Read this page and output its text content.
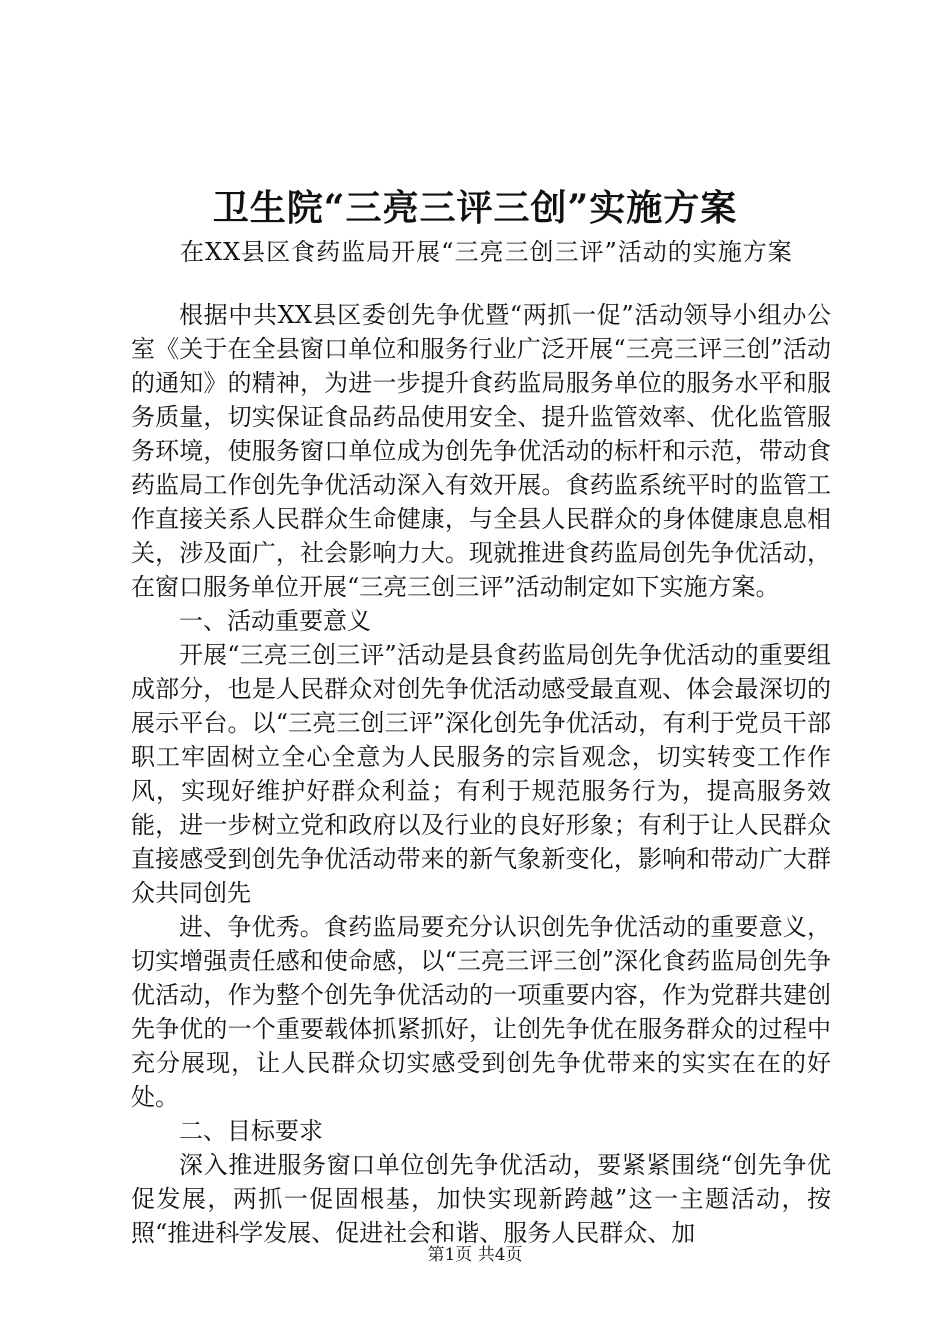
卫生院“三亮三评三创”实施方案
在XX县区食药监局开展“三亮三创三评”活动的实施方案

根据中共XX县区委创先争优暨“两抓一促”活动领导小组办公室《关于在全县窗口单位和服务行业广泛开展“三亮三评三创”活动的通知》的精神，为进一步提升食药监局服务单位的服务水平和服务质量，切实保证食品药品使用安全、提升监管效率、优化监管服务环境，使服务窗口单位成为创先争优活动的标杆和示范，带动食药监局工作创先争优活动深入有效开展。食药监系统平时的监管工作直接关系人民群众生命健康，与全县人民群众的身体健康息息相关，涉及面广，社会影响力大。现就推进食药监局创先争优活动，在窗口服务单位开展“三亮三创三评”活动制定如下实施方案。

一、活动重要意义

开展“三亮三创三评”活动是县食药监局创先争优活动的重要组成部分，也是人民群众对创先争优活动感受最直观、体会最深切的展示平台。以“三亮三创三评”深化创先争优活动，有利于党员干部职工牢固树立全心全意为人民服务的宗旨观念，切实转变工作作风，实现好维护好群众利益；有利于规范服务行为，提高服务效能，进一步树立党和政府以及行业的良好形象；有利于让人民群众直接感受到创先争优活动带来的新气象新变化，影响和带动广大群众共同创先

进、争优秀。食药监局要充分认识创先争优活动的重要意义，切实增强责任感和使命感，以“三亮三评三创”深化食药监局创先争优活动，作为整个创先争优活动的一项重要内容，作为党群共建创先争优的一个重要载体抓紧抓好，让创先争优在服务群众的过程中充分展现，让人民群众切实感受到创先争优带来的实实在在的好处。

二、目标要求

深入推进服务窗口单位创先争优活动，要紧紧围绕“创先争优促发展，两抓一促固根基，加快实现新跨越”这一主题活动，按照“推进科学发展、促进社会和谐、服务人民群众、加

第1页 共4页
